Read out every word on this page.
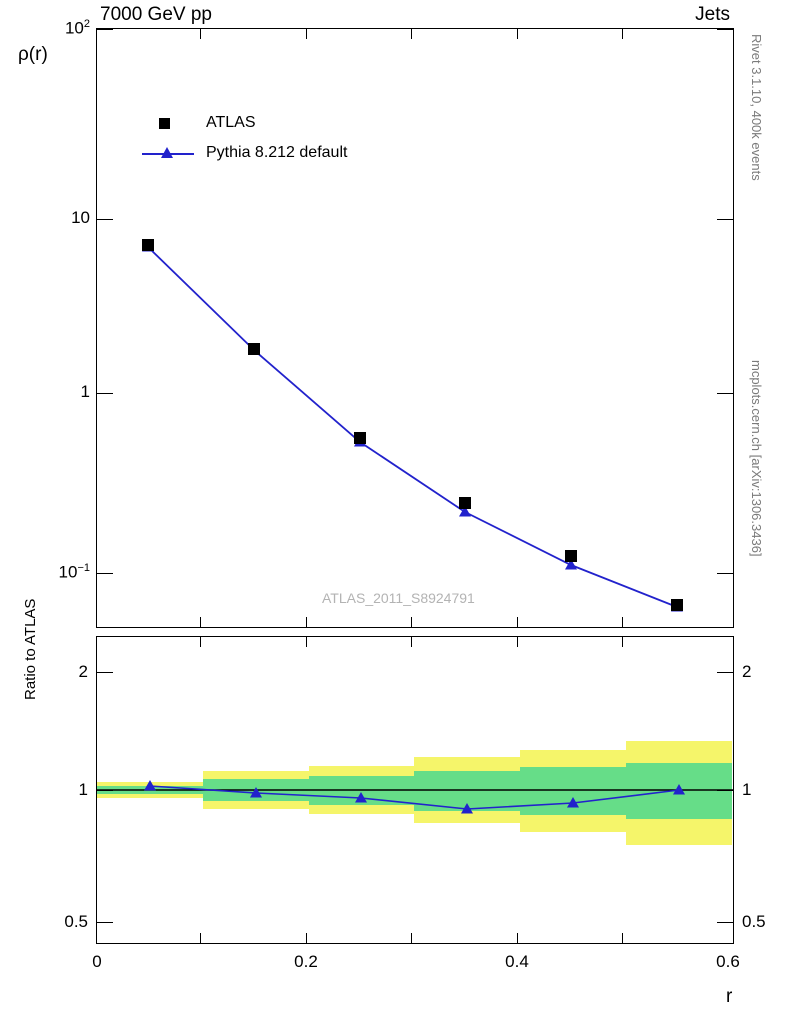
7000 GeV pp	Jets
Rivet 3.1.10, 400k events
mcplots.cern.ch [arXiv:1306.3436]
ρ(r)
$10^2$
10
1
$10^{-1}$
ATLAS
Pythia 8.212 default
ATLAS_2011_S8924791
2
1
0.5
2
1
0.5
Ratio to ATLAS
0	0.2	0.4	0.6
r
